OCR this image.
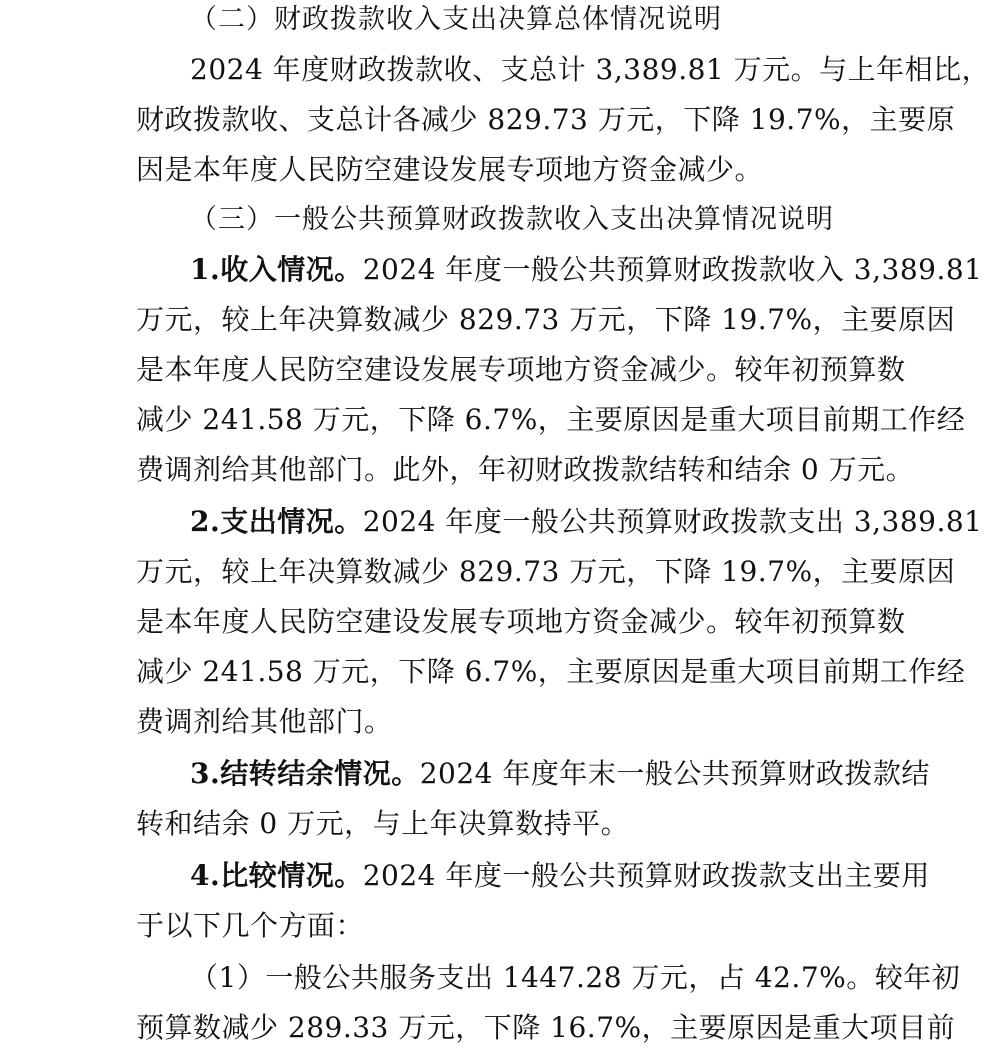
（二）财政拨款收入支出决算总体情况说明
2024 年度财政拨款收、支总计 3,389.81 万元。与上年相比，
财政拨款收、支总计各减少 829.73 万元，下降 19.7%，主要原
因是本年度人民防空建设发展专项地方资金减少。
（三）一般公共预算财政拨款收入支出决算情况说明
1.收入情况。2024 年度一般公共预算财政拨款收入 3,389.81
万元，较上年决算数减少 829.73 万元，下降 19.7%，主要原因
是本年度人民防空建设发展专项地方资金减少。较年初预算数
减少 241.58 万元，下降 6.7%，主要原因是重大项目前期工作经
费调剂给其他部门。此外，年初财政拨款结转和结余 0 万元。
2.支出情况。2024 年度一般公共预算财政拨款支出 3,389.81
万元，较上年决算数减少 829.73 万元，下降 19.7%，主要原因
是本年度人民防空建设发展专项地方资金减少。较年初预算数
减少 241.58 万元，下降 6.7%，主要原因是重大项目前期工作经
费调剂给其他部门。
3.结转结余情况。2024 年度年末一般公共预算财政拨款结
转和结余 0 万元，与上年决算数持平。
4.比较情况。2024 年度一般公共预算财政拨款支出主要用
于以下几个方面：
（1）一般公共服务支出 1447.28 万元，占 42.7%。较年初
预算数减少 289.33 万元，下降 16.7%，主要原因是重大项目前
